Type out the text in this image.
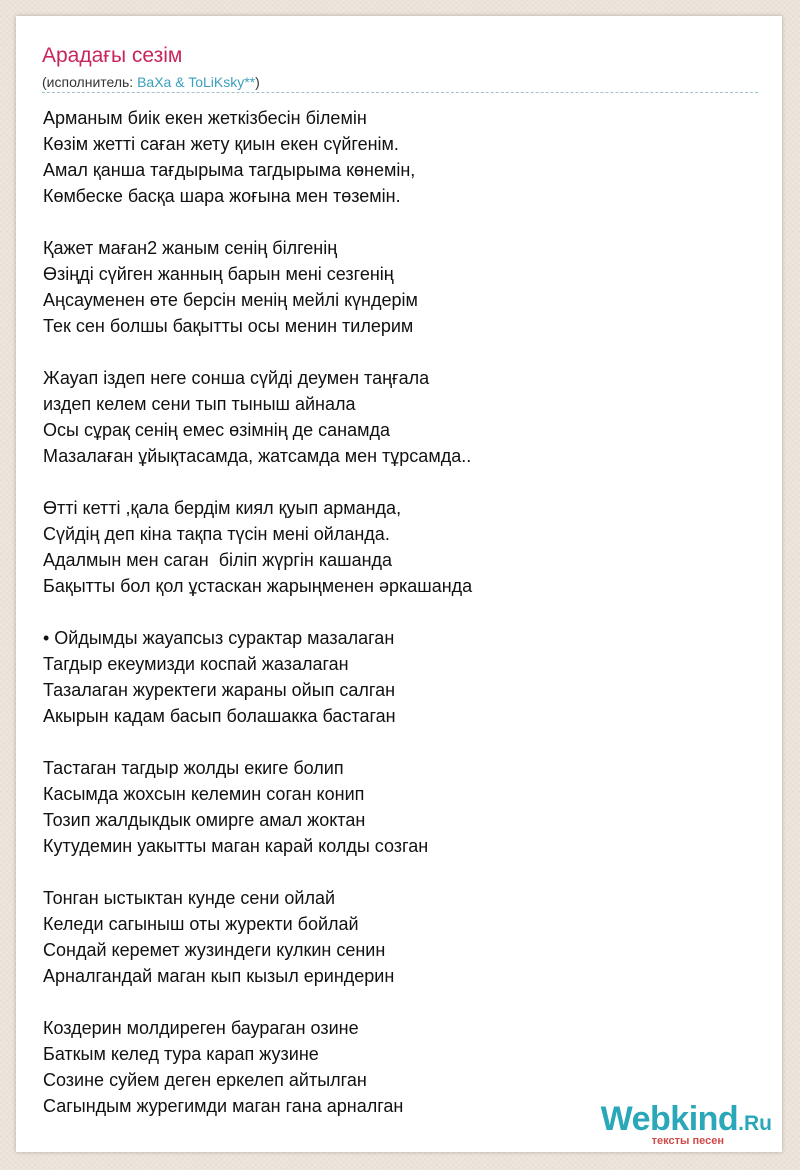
Арадағы сезім
(исполнитель: BaXa & ToLiKsky**)
Арманым биік екен жеткізбесін білемін
Көзім жетті саған жету қиын екен сүйгенім.
Амал қанша тағдырыма тагдырыма көнемін,
Көмбеске басқа шара жоғына мен төземін.
Қажет маған2 жаным сенің білгенің
Өзіңді сүйген жанның барын мені сезгенің
Аңсауменен өте берсін менің мейлі күндерім
Тек сен болшы бақытты осы менин тилерим
Жауап іздеп неге сонша сүйді деумен таңғала
издеп келем сени тып тыныш айнала
Осы сұрақ сенің емес өзімнің де санамда
Мазалаған ұйықтасамда, жатсамда мен тұрсамда..
Өтті кетті ,қала бердім киял қуып арманда,
Сүйдің деп кіна тақпа түсін мені ойланда.
Адалмын мен саган  біліп жүргін кашанда
Бақытты бол қол ұстаскан жарыңменен әркашанда
• Ойдымды жауапсыз сурактар мазалаган
Тагдыр екеумизди коспай жазалаган
Тазалаган журектеги жараны ойып салган
Акырын кадам басып болашакка бастаган
Тастаган тагдыр жолды екиге болип
Касымда жохсын келемин соган конип
Тозип жалдыкдык омирге амал жоктан
Кутудемин уакытты маган карай колды созган
Тонган ыстыктан кунде сени ойлай
Келеди сагыныш оты журекти бойлай
Сондай керемет жузиндеги кулкин сенин
Арналгандай маган кып кызыл ериндерин
Коздерин молдиреген баураган озине
Баткым келед тура карап жузине
Созине суйем деген еркелеп айтылган
Сагындым журегимди маган гана арналган	Webkind.Ru
тексты песен
